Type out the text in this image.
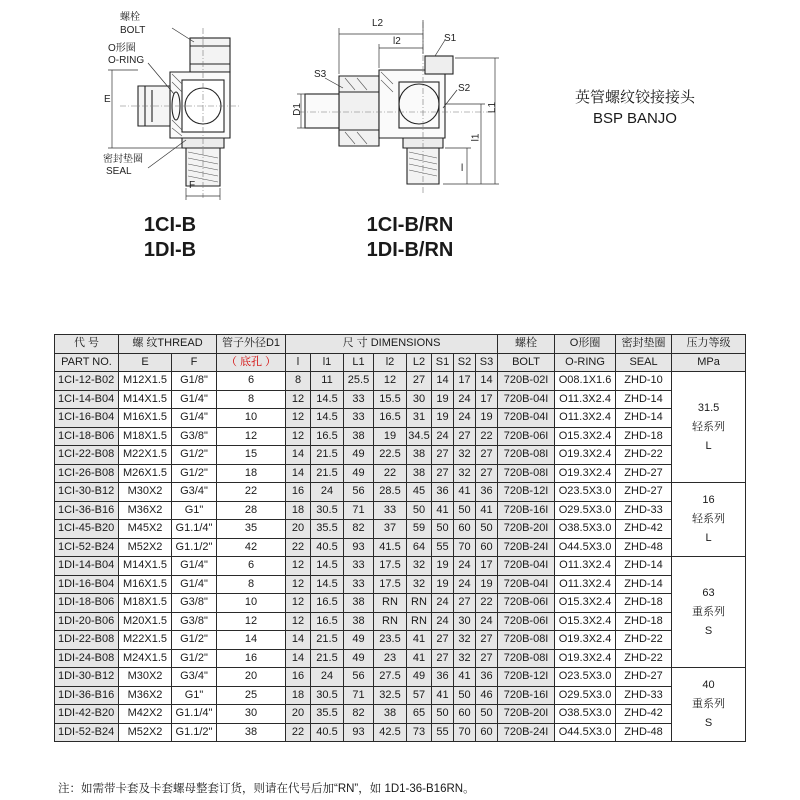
螺栓
BOLT
O形圈
O-RING
密封垫圈
SEAL
E
F
1CI-B
1DI-B
L2
l2	S1
S2
S3
D1	L1
l1
l
1CI-B/RN
1DI-B/RN
英管螺纹铰接接头
BSP BANJO
代 号	螺 纹THREAD		管子外径D1	尺 寸 DIMENSIONS								螺栓	O形圈	密封垫圈	压力等级
PART NO.	E	F	（ 底孔 ）	l	l1	L1	l2	L2	S1	S2	S3	BOLT	O-RING	SEAL	MPa
1CI-12-B02	M12X1.5	G1/8"	6	8	11	25.5	12	27	14	17	14	720B-02I	O08.1X1.6	ZHD-10	31.5
轻系列
L

1CI-14-B04	M14X1.5	G1/4"	8	12	14.5	33	15.5	30	19	24	17	720B-04I	O11.3X2.4	ZHD-14	
1CI-16-B04	M16X1.5	G1/4"	10	12	14.5	33	16.5	31	19	24	19	720B-04I	O11.3X2.4	ZHD-14	
1CI-18-B06	M18X1.5	G3/8"	12	12	16.5	38	19	34.5	24	27	22	720B-06I	O15.3X2.4	ZHD-18	
1CI-22-B08	M22X1.5	G1/2"	15	14	21.5	49	22.5	38	27	32	27	720B-08I	O19.3X2.4	ZHD-22	
1CI-26-B08	M26X1.5	G1/2"	18	14	21.5	49	22	38	27	32	27	720B-08I	O19.3X2.4	ZHD-27	
1CI-30-B12	M30X2	G3/4"	22	16	24	56	28.5	45	36	41	36	720B-12I	O23.5X3.0	ZHD-27	16
轻系列
L

1CI-36-B16	M36X2	G1"	28	18	30.5	71	33	50	41	50	41	720B-16I	O29.5X3.0	ZHD-33	
1CI-45-B20	M45X2	G1.1/4"	35	20	35.5	82	37	59	50	60	50	720B-20I	O38.5X3.0	ZHD-42	
1CI-52-B24	M52X2	G1.1/2"	42	22	40.5	93	41.5	64	55	70	60	720B-24I	O44.5X3.0	ZHD-48	
1DI-14-B04	M14X1.5	G1/4"	6	12	14.5	33	17.5	32	19	24	17	720B-04I	O11.3X2.4	ZHD-14	63
重系列
S

1DI-16-B04	M16X1.5	G1/4"	8	12	14.5	33	17.5	32	19	24	19	720B-04I	O11.3X2.4	ZHD-14	
1DI-18-B06	M18X1.5	G3/8"	10	12	16.5	38	RN	RN	24	27	22	720B-06I	O15.3X2.4	ZHD-18	
1DI-20-B06	M20X1.5	G3/8"	12	12	16.5	38	RN	RN	24	30	24	720B-06I	O15.3X2.4	ZHD-18	
1DI-22-B08	M22X1.5	G1/2"	14	14	21.5	49	23.5	41	27	32	27	720B-08I	O19.3X2.4	ZHD-22	
1DI-24-B08	M24X1.5	G1/2"	16	14	21.5	49	23	41	27	32	27	720B-08I	O19.3X2.4	ZHD-22	
1DI-30-B12	M30X2	G3/4"	20	16	24	56	27.5	49	36	41	36	720B-12I	O23.5X3.0	ZHD-27	40
重系列
S

1DI-36-B16	M36X2	G1"	25	18	30.5	71	32.5	57	41	50	46	720B-16I	O29.5X3.0	ZHD-33	
1DI-42-B20	M42X2	G1.1/4"	30	20	35.5	82	38	65	50	60	50	720B-20I	O38.5X3.0	ZHD-42	
1DI-52-B24	M52X2	G1.1/2"	38	22	40.5	93	42.5	73	55	70	60	720B-24I	O44.5X3.0	ZHD-48	
注：如需带卡套及卡套螺母整套订货，则请在代号后加“RN”，如 1D1-36-B16RN。
